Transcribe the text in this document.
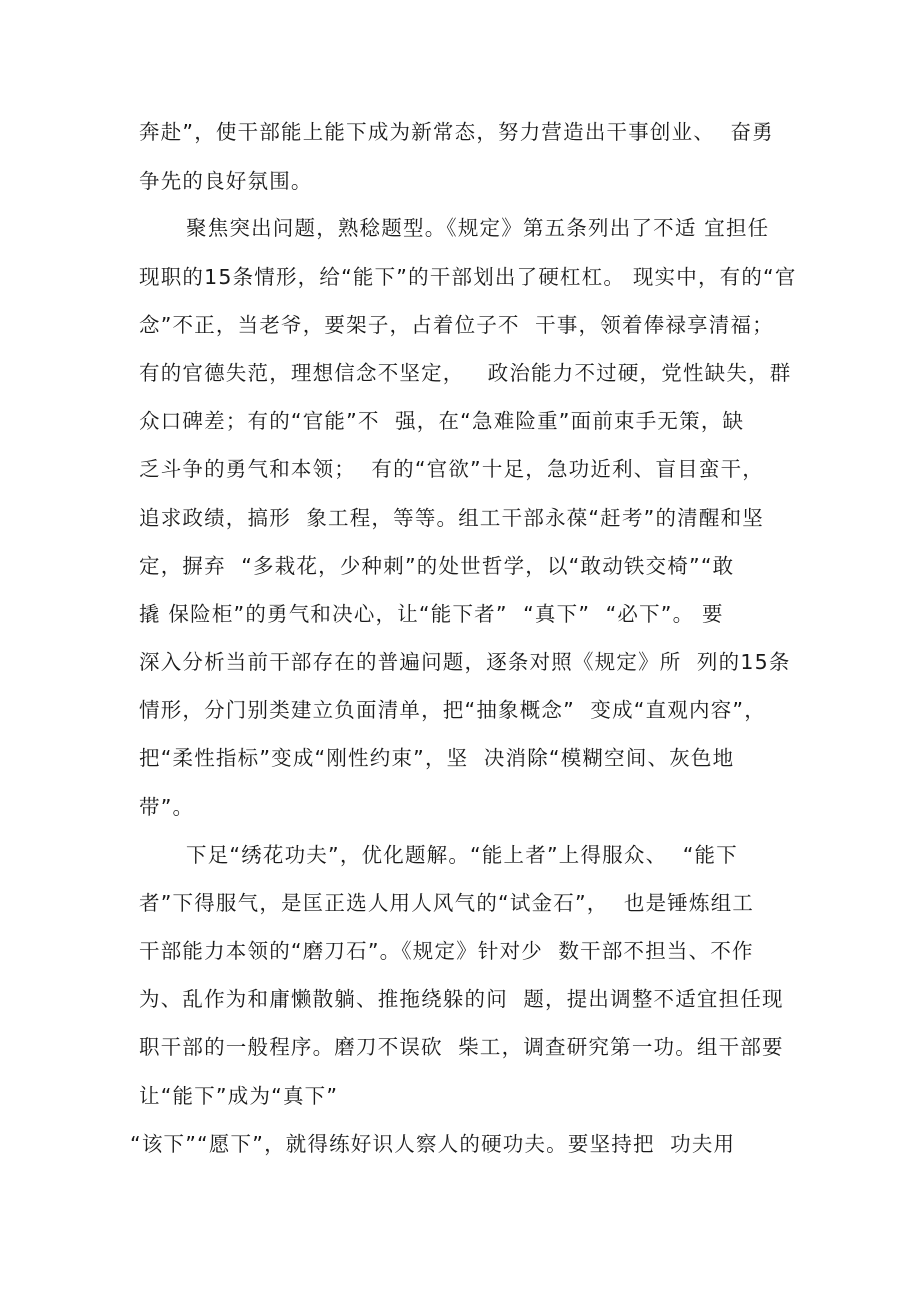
奔赴”，使干部能上能下成为新常态，努力营造出干事创业、  奋勇
争先的良好氛围。
聚焦突出问题，熟稔题型。《规定》第五条列出了不适 宜担任
现职的15条情形，给“能下”的干部划出了硬杠杠。 现实中，有的“官
念”不正，当老爷，要架子，占着位子不  干事，领着俸禄享清福；
有的官德失范，理想信念不坚定，   政治能力不过硬，党性缺失，群
众口碑差；有的“官能”不  强，在“急难险重”面前束手无策，缺
乏斗争的勇气和本领；  有的“官欲”十足，急功近利、盲目蛮干，
追求政绩，搞形  象工程，等等。组工干部永葆“赶考”的清醒和坚
定，摒弃  “多栽花，少种刺”的处世哲学，以“敢动铁交椅”“敢
撬 保险柜”的勇气和决心，让“能下者”  “真下”  “必下”。 要
深入分析当前干部存在的普遍问题，逐条对照《规定》所  列的15条
情形，分门别类建立负面清单，把“抽象概念”  变成“直观内容”，
把“柔性指标”变成“刚性约束”，坚  决消除“模糊空间、灰色地
带”。
下足“绣花功夫”，优化题解。“能上者”上得服众、  “能下
者”下得服气，是匡正选人用人风气的“试金石”，  也是锤炼组工
干部能力本领的“磨刀石”。《规定》针对少  数干部不担当、不作
为、乱作为和庸懒散躺、推拖绕躲的问  题，提出调整不适宜担任现
职干部的一般程序。磨刀不误砍  柴工，调查研究第一功。组干部要
让“能下”成为“真下”
“该下”“愿下”，就得练好识人察人的硬功夫。要坚持把  功夫用
